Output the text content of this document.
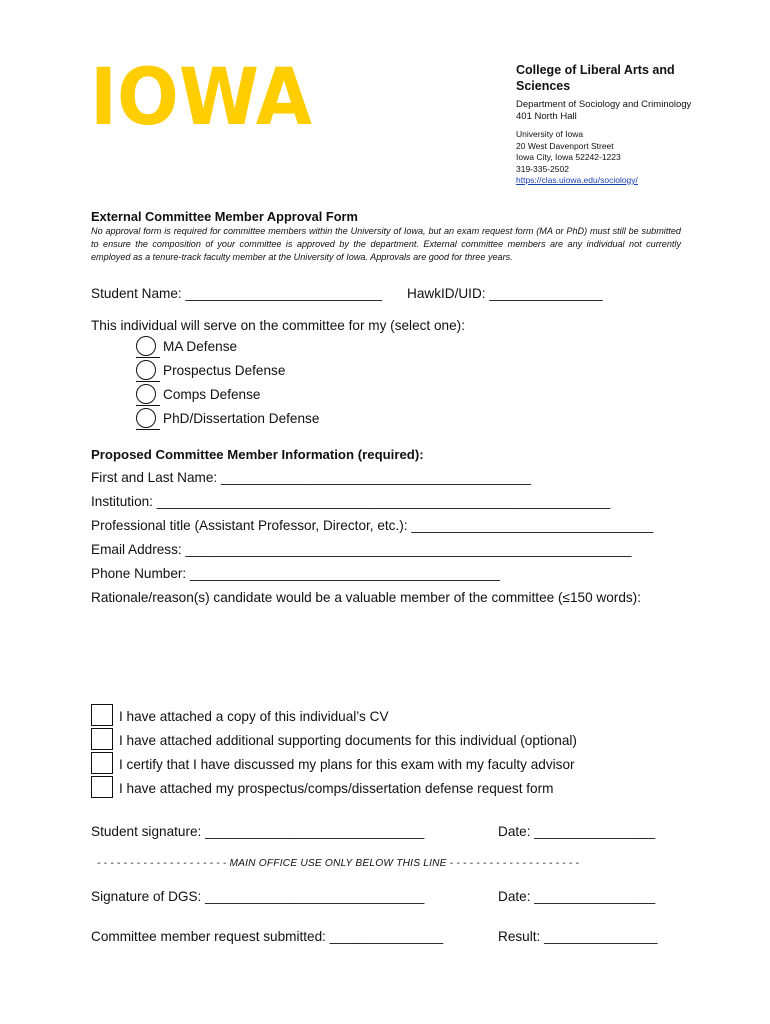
IOWA	College of Liberal Arts and Sciences
Department of Sociology and Criminology
401 North Hall
University of Iowa
20 West Davenport Street
Iowa City, Iowa 52242-1223
319-335-2502
https://clas.uiowa.edu/sociology/
External Committee Member Approval Form
No approval form is required for committee members within the University of Iowa, but an exam request form (MA or PhD) must still be submitted to ensure the composition of your committee is approved by the department. External committee members are any individual not currently employed as a tenure-track faculty member at the University of Iowa. Approvals are good for three years.
Student Name: __________________________ HawkID/UID: _______________
This individual will serve on the committee for my (select one):
MA Defense
Prospectus Defense
Comps Defense
PhD/Dissertation Defense
Proposed Committee Member Information (required):
First and Last Name: _________________________________________
Institution: ____________________________________________________________
Professional title (Assistant Professor, Director, etc.): ________________________________
Email Address: ___________________________________________________________
Phone Number: _________________________________________
Rationale/reason(s) candidate would be a valuable member of the committee (≤150 words):
I have attached a copy of this individual’s CV
I have attached additional supporting documents for this individual (optional)
I certify that I have discussed my plans for this exam with my faculty advisor
I have attached my prospectus/comps/dissertation defense request form
Student signature: _____________________________	Date: ________________
- - - - - - - - - - - - - - - - - - - - MAIN OFFICE USE ONLY BELOW THIS LINE - - - - - - - - - - - - - - - - - - - -
Signature of DGS: _____________________________	Date: ________________
Committee member request submitted: _______________	Result: _______________
